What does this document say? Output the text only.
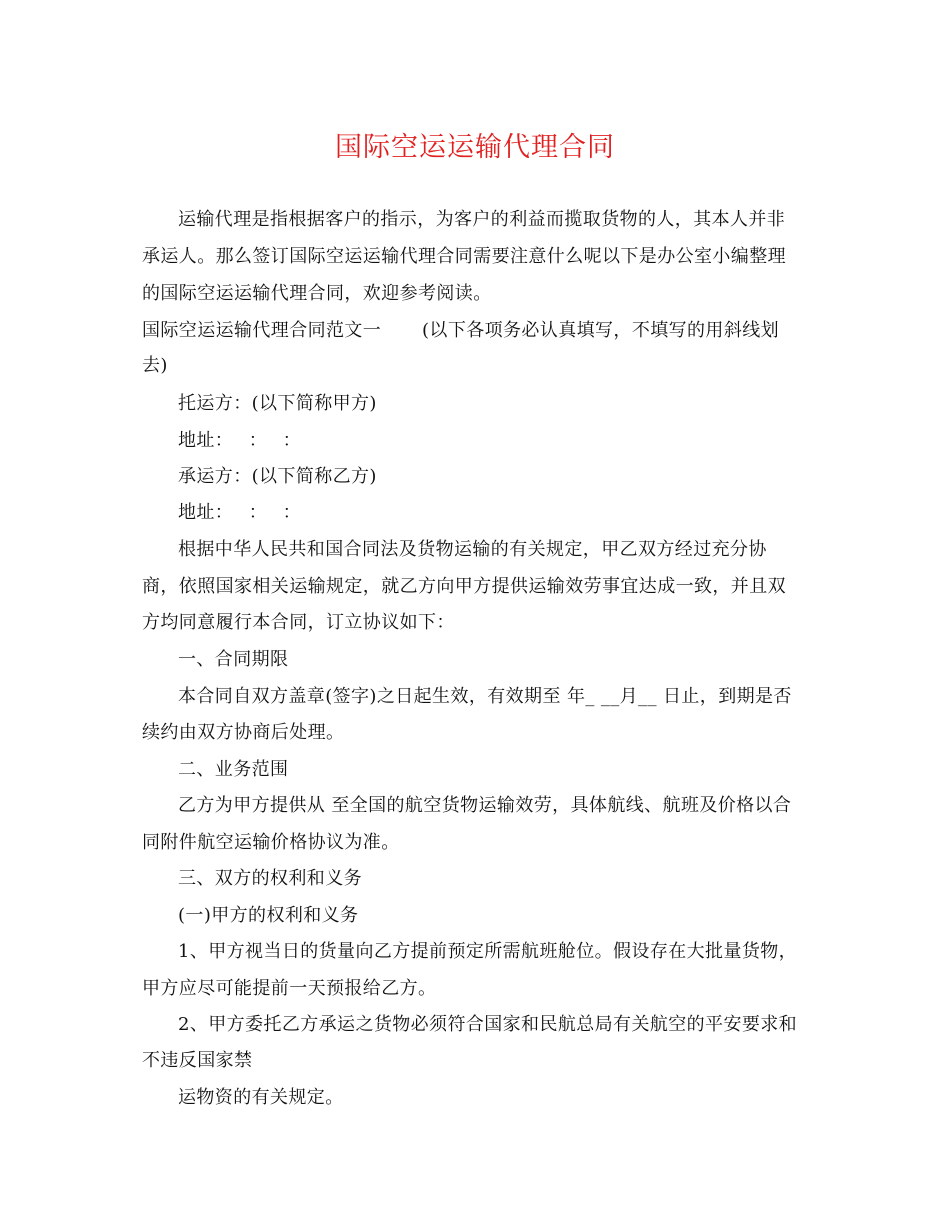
国际空运运输代理合同
运输代理是指根据客户的指示，为客户的利益而揽取货物的人，其本人并非
承运人。那么签订国际空运运输代理合同需要注意什么呢以下是办公室小编整理
的国际空运运输代理合同，欢迎参考阅读。
国际空运运输代理合同范文一 (以下各项务必认真填写，不填写的用斜线划
去)
托运方：(以下简称甲方)
地址：　 ：　 ：
承运方：(以下简称乙方)
地址：　 ：　 ：
根据中华人民共和国合同法及货物运输的有关规定，甲乙双方经过充分协
商，依照国家相关运输规定，就乙方向甲方提供运输效劳事宜达成一致，并且双
方均同意履行本合同，订立协议如下：
一、合同期限
本合同自双方盖章(签字)之日起生效，有效期至 年_ __月__ 日止，到期是否
续约由双方协商后处理。
二、业务范围
乙方为甲方提供从 至全国的航空货物运输效劳，具体航线、航班及价格以合
同附件航空运输价格协议为准。
三、双方的权利和义务
(一)甲方的权利和义务
1、甲方视当日的货量向乙方提前预定所需航班舱位。假设存在大批量货物，
甲方应尽可能提前一天预报给乙方。
2、甲方委托乙方承运之货物必须符合国家和民航总局有关航空的平安要求和
不违反国家禁
运物资的有关规定。
